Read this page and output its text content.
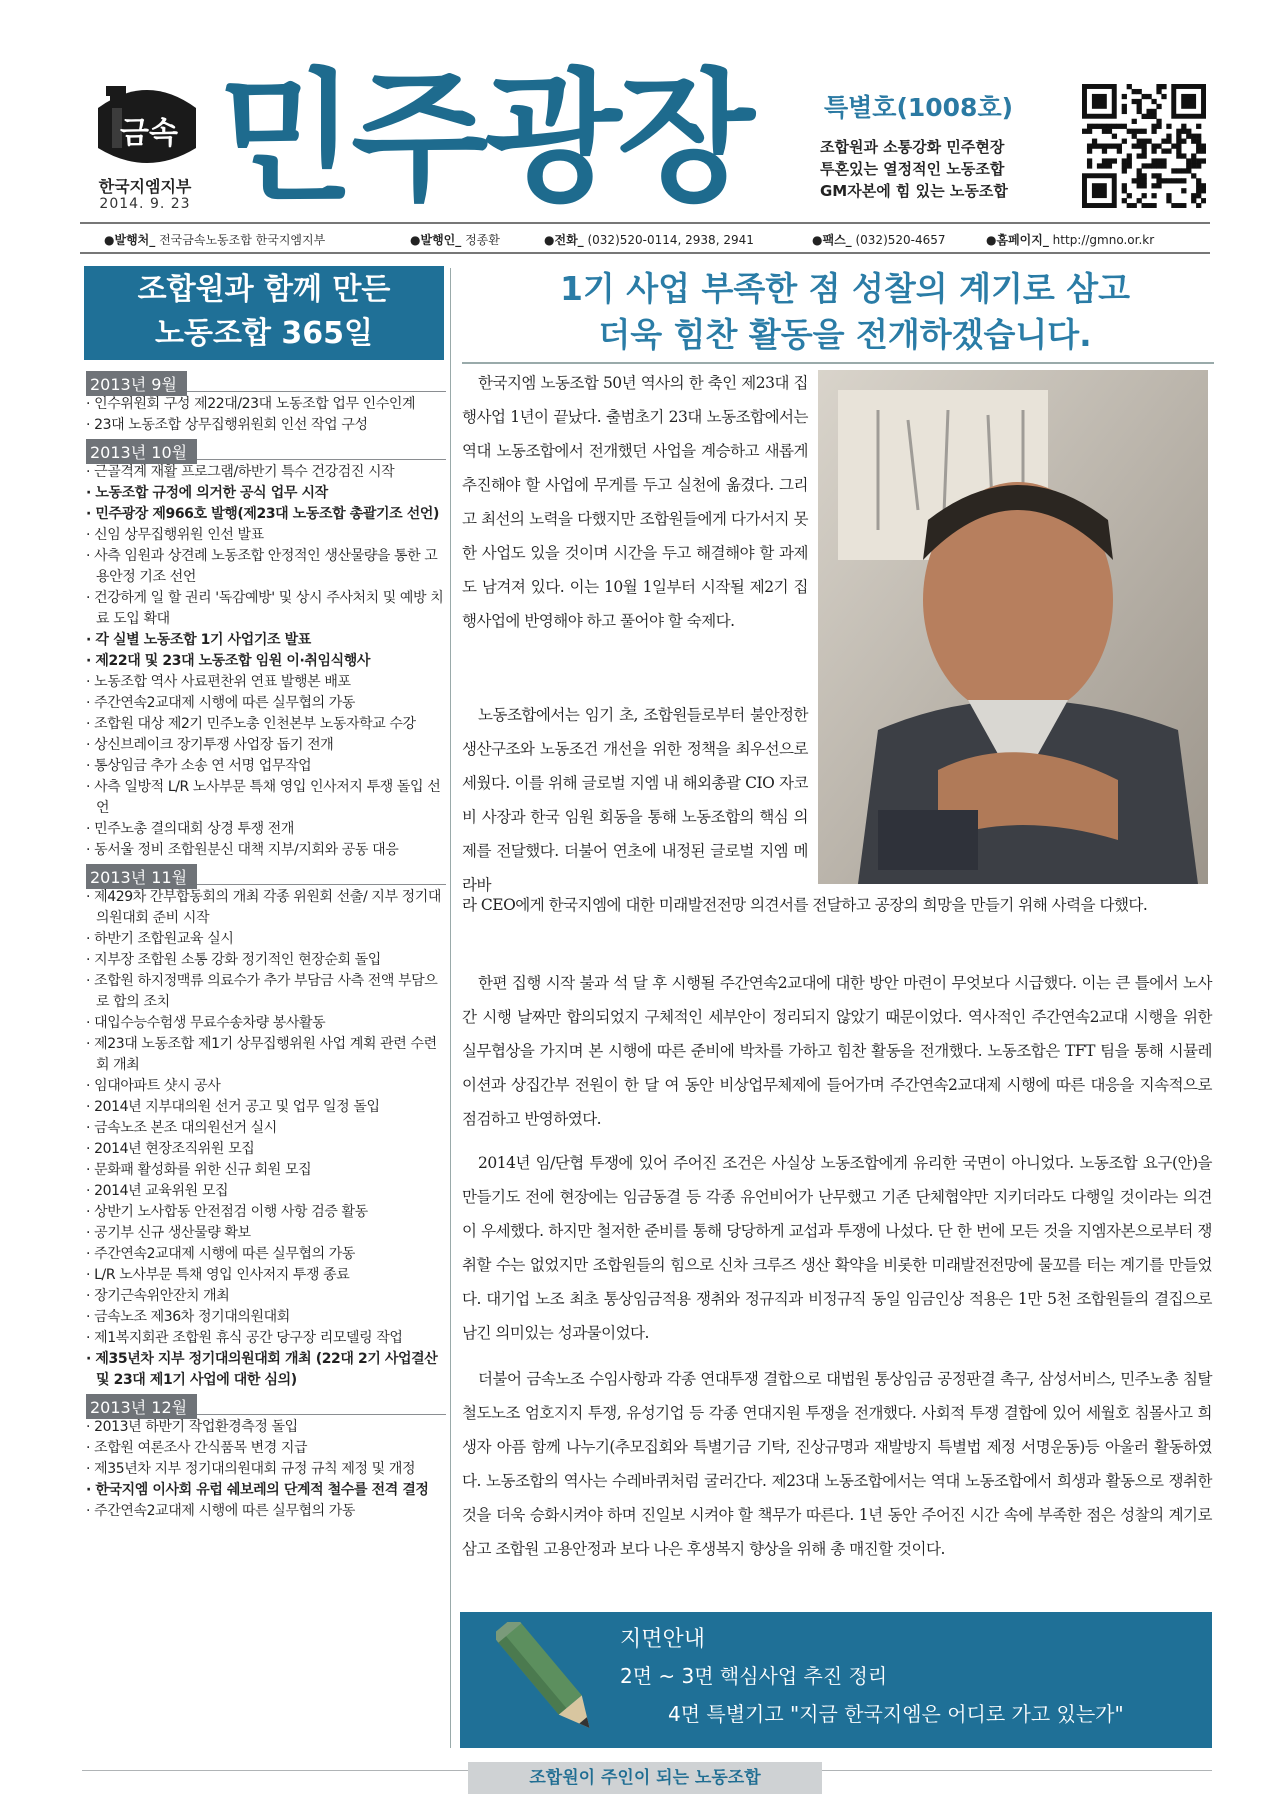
금속
한국지엠지부
2014. 9. 23 민주광장	특별호(1008호)
조합원과 소통강화 민주현장
투혼있는 열정적인 노동조합
GM자본에 힘 있는 노동조합
●발행처_ 전국금속노동조합 한국지엠지부	●발행인_ 정종환	●전화_ (032)520-0114, 2938, 2941	●팩스_ (032)520-4657	●홈페이지_ http://gmno.or.kr
조합원과 함께 만든
노동조합 365일
2013년 9월
· 인수위원회 구성 제22대/23대 노동조합 업무 인수인계
· 23대 노동조합 상무집행위원회 인선 작업 구성
2013년 10월
· 근골격계 재활 프로그램/하반기 특수 건강검진 시작
· 노동조합 규정에 의거한 공식 업무 시작
· 민주광장 제966호 발행(제23대 노동조합 총괄기조 선언)
· 신임 상무집행위원 인선 발표
· 사측 임원과 상견례 노동조합 안정적인 생산물량을 통한 고용안정 기조 선언
· 건강하게 일 할 권리 '독감예방' 및 상시 주사처치 및 예방 치료 도입 확대
· 각 실별 노동조합 1기 사업기조 발표
· 제22대 및 23대 노동조합 임원 이·취임식행사
· 노동조합 역사 사료편찬위 연표 발행본 배포
· 주간연속2교대제 시행에 따른 실무협의 가동
· 조합원 대상 제2기 민주노총 인천본부 노동자학교 수강
· 상신브레이크 장기투쟁 사업장 돕기 전개
· 통상임금 추가 소송 연 서명 업무작업
· 사측 일방적 L/R 노사부문 특채 영입 인사저지 투쟁 돌입 선언
· 민주노총 결의대회 상경 투쟁 전개
· 동서울 정비 조합원분신 대책 지부/지회와 공동 대응
2013년 11월
· 제429차 간부합동회의 개최 각종 위원회 선출/ 지부 정기대의원대회 준비 시작
· 하반기 조합원교육 실시
· 지부장 조합원 소통 강화 정기적인 현장순회 돌입
· 조합원 하지정맥류 의료수가 추가 부담금 사측 전액 부담으로 합의 조치
· 대입수능수험생 무료수송차량 봉사활동
· 제23대 노동조합 제1기 상무집행위원 사업 계획 관련 수련회 개최
· 임대아파트 샷시 공사
· 2014년 지부대의원 선거 공고 및 업무 일정 돌입
· 금속노조 본조 대의원선거 실시
· 2014년 현장조직위원 모집
· 문화패 활성화를 위한 신규 회원 모집
· 2014년 교육위원 모집
· 상반기 노사합동 안전점검 이행 사항 검증 활동
· 공기부 신규 생산물량 확보
· 주간연속2교대제 시행에 따른 실무협의 가동
· L/R 노사부문 특채 영입 인사저지 투쟁 종료
· 장기근속위안잔치 개최
· 금속노조 제36차 정기대의원대회
· 제1복지회관 조합원 휴식 공간 당구장 리모델링 작업
· 제35년차 지부 정기대의원대회 개최 (22대 2기 사업결산 및 23대 제1기 사업에 대한 심의)
2013년 12월
· 2013년 하반기 작업환경측정 돌입
· 조합원 여론조사 간식품목 변경 지급
· 제35년차 지부 정기대의원대회 규정 규칙 제정 및 개정
· 한국지엠 이사회 유럽 쉐보레의 단계적 철수를 전격 결정
· 주간연속2교대제 시행에 따른 실무협의 가동
1기 사업 부족한 점 성찰의 계기로 삼고
더욱 힘찬 활동을 전개하겠습니다.
한국지엠 노동조합 50년 역사의 한 축인 제23대 집행사업 1년이 끝났다. 출범초기 23대 노동조합에서는 역대 노동조합에서 전개했던 사업을 계승하고 새롭게 추진해야 할 사업에 무게를 두고 실천에 옮겼다. 그리고 최선의 노력을 다했지만 조합원들에게 다가서지 못한 사업도 있을 것이며 시간을 두고 해결해야 할 과제도 남겨져 있다. 이는 10월 1일부터 시작될 제2기 집행사업에 반영해야 하고 풀어야 할 숙제다.
노동조합에서는 임기 초, 조합원들로부터 불안정한 생산구조와 노동조건 개선을 위한 정책을 최우선으로 세웠다. 이를 위해 글로벌 지엠 내 해외총괄 CIO 자코비 사장과 한국 임원 회동을 통해 노동조합의 핵심 의제를 전달했다. 더불어 연초에 내정된 글로벌 지엠 메라바
라 CEO에게 한국지엠에 대한 미래발전전망 의견서를 전달하고 공장의 희망을 만들기 위해 사력을 다했다.
한편 집행 시작 불과 석 달 후 시행될 주간연속2교대에 대한 방안 마련이 무엇보다 시급했다. 이는 큰 틀에서 노사 간 시행 날짜만 합의되었지 구체적인 세부안이 정리되지 않았기 때문이었다. 역사적인 주간연속2교대 시행을 위한 실무협상을 가지며 본 시행에 따른 준비에 박차를 가하고 힘찬 활동을 전개했다. 노동조합은 TFT 팀을 통해 시뮬레이션과 상집간부 전원이 한 달 여 동안 비상업무체제에 들어가며 주간연속2교대제 시행에 따른 대응을 지속적으로 점검하고 반영하였다.
2014년 임/단협 투쟁에 있어 주어진 조건은 사실상 노동조합에게 유리한 국면이 아니었다. 노동조합 요구(안)을 만들기도 전에 현장에는 임금동결 등 각종 유언비어가 난무했고 기존 단체협약만 지키더라도 다행일 것이라는 의견이 우세했다. 하지만 철저한 준비를 통해 당당하게 교섭과 투쟁에 나섰다. 단 한 번에 모든 것을 지엠자본으로부터 쟁취할 수는 없었지만 조합원들의 힘으로 신차 크루즈 생산 확약을 비롯한 미래발전전망에 물꼬를 터는 계기를 만들었다. 대기업 노조 최초 통상임금적용 쟁취와 정규직과 비정규직 동일 임금인상 적용은 1만 5천 조합원들의 결집으로 남긴 의미있는 성과물이었다.
더불어 금속노조 수임사항과 각종 연대투쟁 결합으로 대법원 통상임금 공정판결 촉구, 삼성서비스, 민주노총 침탈 철도노조 엄호지지 투쟁, 유성기업 등 각종 연대지원 투쟁을 전개했다. 사회적 투쟁 결합에 있어 세월호 침몰사고 희생자 아픔 함께 나누기(추모집회와 특별기금 기탁, 진상규명과 재발방지 특별법 제정 서명운동)등 아울러 활동하였다. 노동조합의 역사는 수레바퀴처럼 굴러간다. 제23대 노동조합에서는 역대 노동조합에서 희생과 활동으로 쟁취한 것을 더욱 승화시켜야 하며 진일보 시켜야 할 책무가 따른다. 1년 동안 주어진 시간 속에 부족한 점은 성찰의 계기로 삼고 조합원 고용안정과 보다 나은 후생복지 향상을 위해 총 매진할 것이다.
지면안내
2면 ~ 3면 핵심사업 추진 정리
4면 특별기고 "지금 한국지엠은 어디로 가고 있는가"
조합원이 주인이 되는 노동조합
